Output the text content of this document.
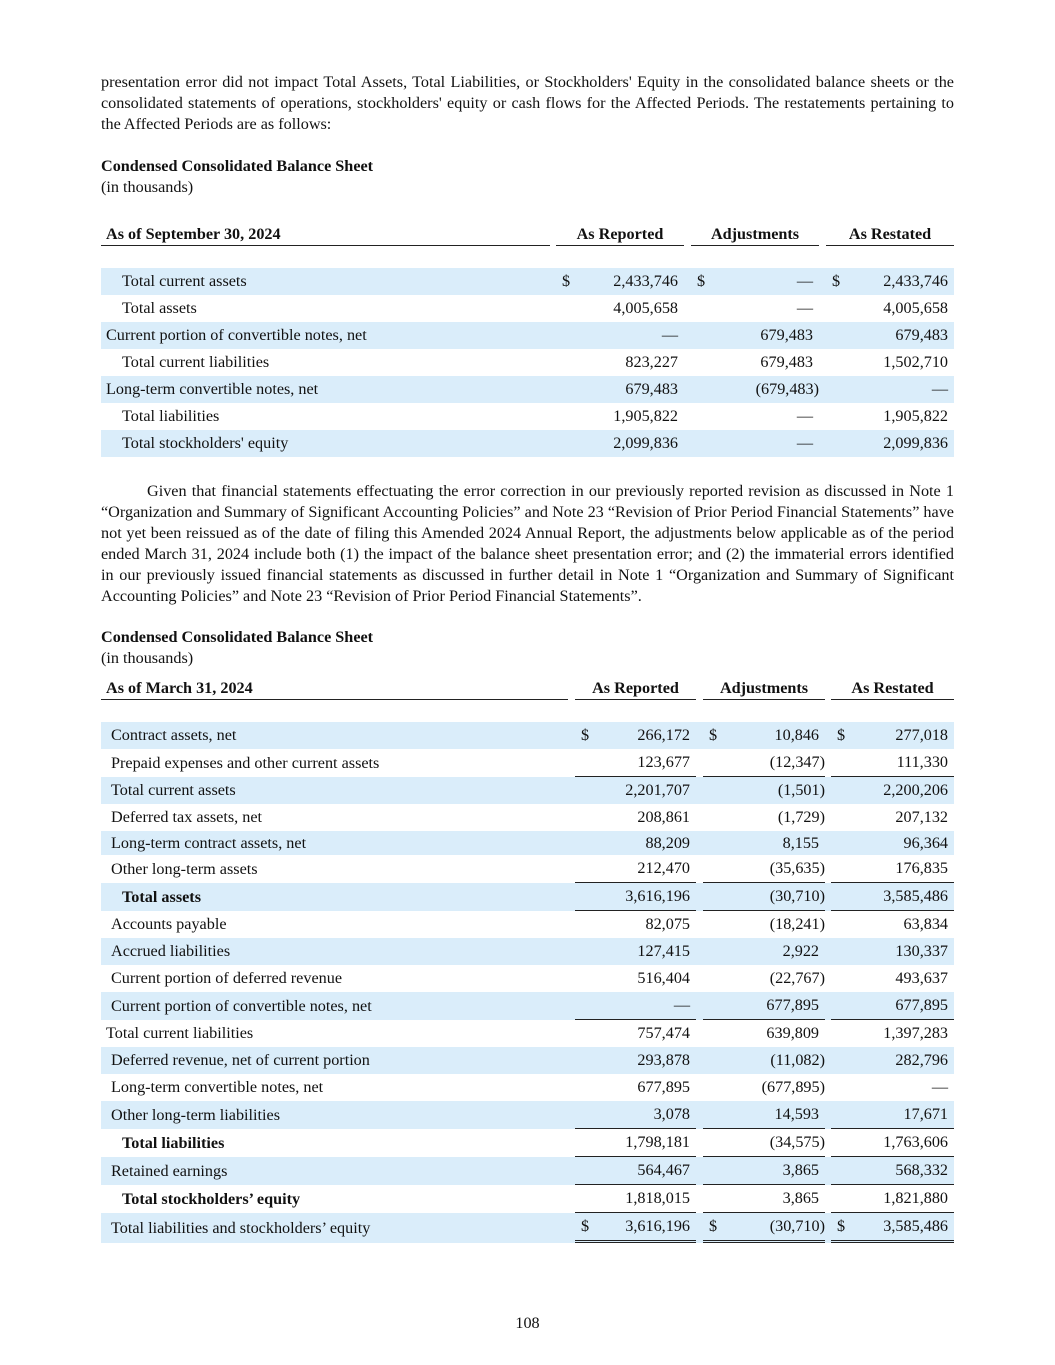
presentation error did not impact Total Assets, Total Liabilities, or Stockholders' Equity in the consolidated balance sheets or the consolidated statements of operations, stockholders' equity or cash flows for the Affected Periods. The restatements pertaining to the Affected Periods are as follows:

Condensed Consolidated Balance Sheet

(in thousands)

As of September 30, 2024		As Reported			Adjustments			As Restated	

Total current assets		$	2,433,746		$	—		$	2,433,746
Total assets			4,005,658			—			4,005,658
Current portion of convertible notes, net			—			679,483			679,483
Total current liabilities			823,227			679,483			1,502,710
Long-term convertible notes, net			679,483			(679,483)			—
Total liabilities			1,905,822			—			1,905,822
Total stockholders' equity			2,099,836			—			2,099,836

Given that financial statements effectuating the error correction in our previously reported revision as discussed in Note 1 “Organization and Summary of Significant Accounting Policies” and Note 23 “Revision of Prior Period Financial Statements” have not yet been reissued as of the date of filing this Amended 2024 Annual Report, the adjustments below applicable as of the period ended March 31, 2024 include both (1) the impact of the balance sheet presentation error; and (2) the immaterial errors identified in our previously issued financial statements as discussed in further detail in Note 1 “Organization and Summary of Significant Accounting Policies” and Note 23 “Revision of Prior Period Financial Statements”.

Condensed Consolidated Balance Sheet

(in thousands)

As of March 31, 2024		As Reported			Adjustments			As Restated	

Contract assets, net		$	266,172		$	10,846		$	277,018
Prepaid expenses and other current assets			123,677			(12,347)			111,330
Total current assets			2,201,707			(1,501)			2,200,206
Deferred tax assets, net			208,861			(1,729)			207,132
Long-term contract assets, net			88,209			8,155			96,364
Other long-term assets			212,470			(35,635)			176,835
Total assets			3,616,196			(30,710)			3,585,486
Accounts payable			82,075			(18,241)			63,834
Accrued liabilities			127,415			2,922			130,337
Current portion of deferred revenue			516,404			(22,767)			493,637
Current portion of convertible notes, net			—			677,895			677,895
Total current liabilities			757,474			639,809			1,397,283
Deferred revenue, net of current portion			293,878			(11,082)			282,796
Long-term convertible notes, net			677,895			(677,895)			—
Other long-term liabilities			3,078			14,593			17,671
Total liabilities			1,798,181			(34,575)			1,763,606
Retained earnings			564,467			3,865			568,332
Total stockholders’ equity			1,818,015			3,865			1,821,880
Total liabilities and stockholders’ equity		$	3,616,196		$	(30,710)		$	3,585,486
108
